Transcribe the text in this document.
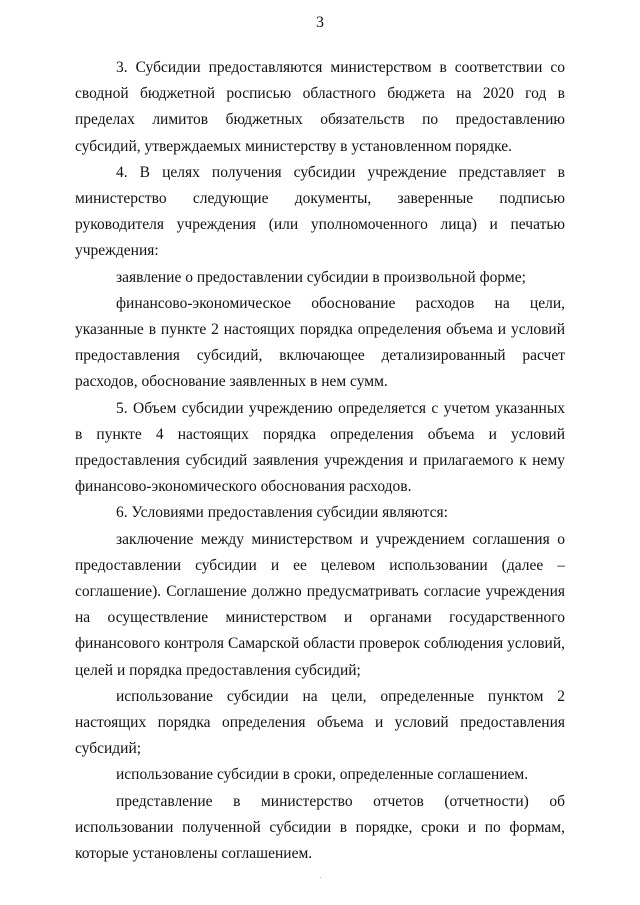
3

3. Субсидии предоставляются министерством в соответствии со сводной бюджетной росписью областного бюджета на 2020 год в пределах лимитов бюджетных обязательств по предоставлению субсидий, утверждаемых министерству в установленном порядке.

4. В целях получения субсидии учреждение представляет в министерство следующие документы, заверенные подписью руководителя учреждения (или уполномоченного лица) и печатью учреждения:

заявление о предоставлении субсидии в произвольной форме;

финансово-экономическое обоснование расходов на цели, указанные в пункте 2 настоящих порядка определения объема и условий предоставления субсидий, включающее детализированный расчет расходов, обоснование заявленных в нем сумм.

5. Объем субсидии учреждению определяется с учетом указанных в пункте 4 настоящих порядка определения объема и условий предоставления субсидий заявления учреждения и прилагаемого к нему финансово-экономического обоснования расходов.

6. Условиями предоставления субсидии являются:

заключение между министерством и учреждением соглашения о предоставлении субсидии и ее целевом использовании (далее – соглашение). Соглашение должно предусматривать согласие учреждения на осуществление министерством и органами государственного финансового контроля Самарской области проверок соблюдения условий, целей и порядка предоставления субсидий;

использование субсидии на цели, определенные пунктом 2 настоящих порядка определения объема и условий предоставления субсидий;

использование субсидии в сроки, определенные соглашением.

представление в министерство отчетов (отчетности) об использовании полученной субсидии в порядке, сроки и по формам, которые установлены соглашением.
